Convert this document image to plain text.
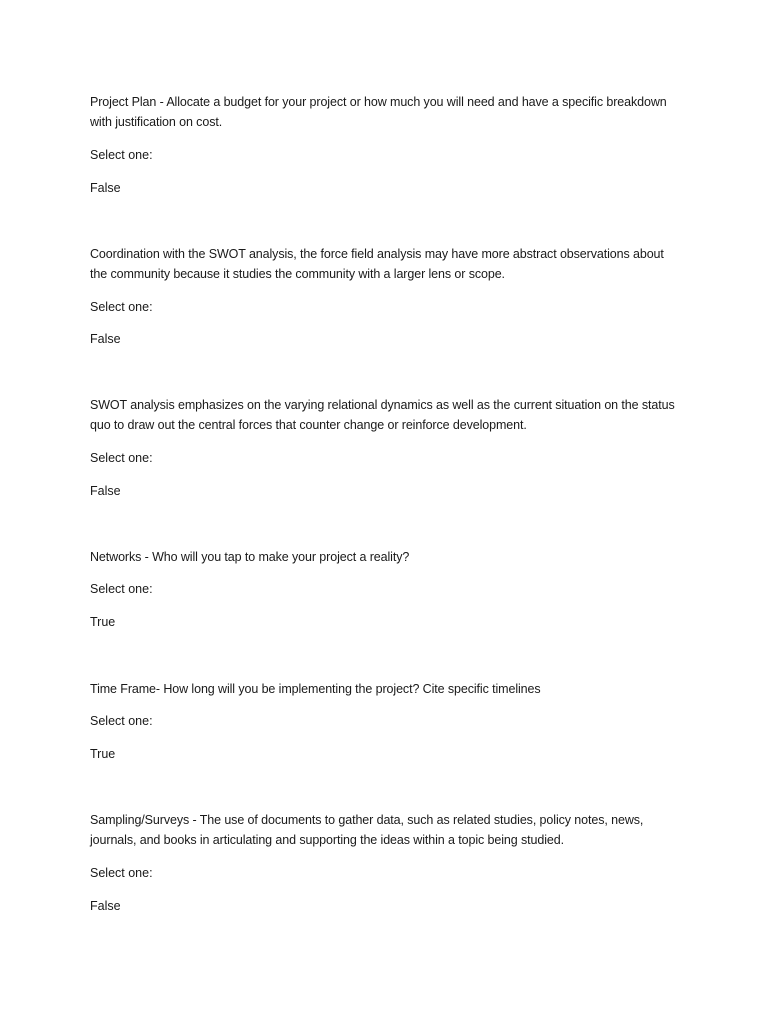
Project Plan - Allocate a budget for your project or how much you will need and have a specific breakdown with justification on cost.

Select one:

False

Coordination with the SWOT analysis, the force field analysis may have more abstract observations about the community because it studies the community with a larger lens or scope.

Select one:

False

SWOT analysis emphasizes on the varying relational dynamics as well as the current situation on the status quo to draw out the central forces that counter change or reinforce development.

Select one:

False

Networks - Who will you tap to make your project a reality?

Select one:

True

Time Frame- How long will you be implementing the project? Cite specific timelines

Select one:

True

Sampling/Surveys - The use of documents to gather data, such as related studies, policy notes, news, journals, and books in articulating and supporting the ideas within a topic being studied.

Select one:

False
